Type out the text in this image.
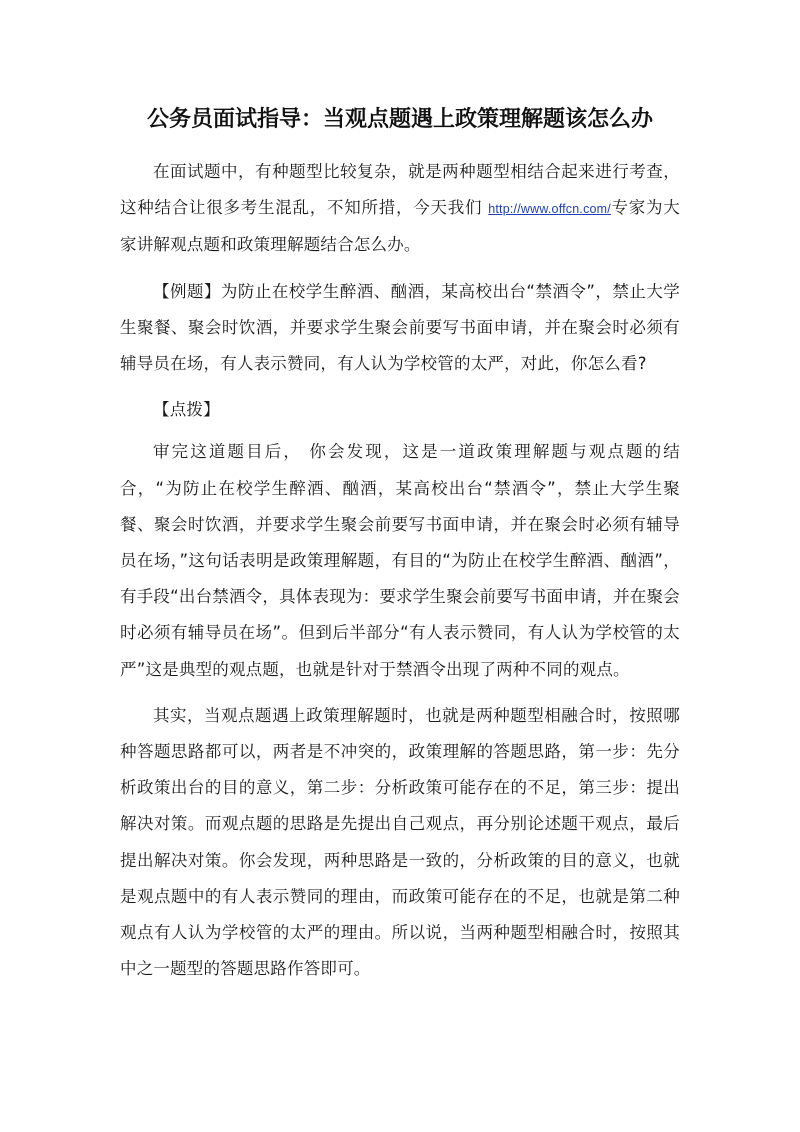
公务员面试指导：当观点题遇上政策理解题该怎么办

在面试题中，有种题型比较复杂，就是两种题型相结合起来进行考查，这种结合让很多考生混乱，不知所措，今天我们 http://www.offcn.com/专家为大家讲解观点题和政策理解题结合怎么办。

【例题】为防止在校学生醉酒、酗酒，某高校出台“禁酒令”，禁止大学生聚餐、聚会时饮酒，并要求学生聚会前要写书面申请，并在聚会时必须有辅导员在场，有人表示赞同，有人认为学校管的太严，对此，你怎么看?

【点拨】

审完这道题目后， 你会发现，这是一道政策理解题与观点题的结合，“为防止在校学生醉酒、酗酒，某高校出台“禁酒令”，禁止大学生聚餐、聚会时饮酒，并要求学生聚会前要写书面申请，并在聚会时必须有辅导员在场，”这句话表明是政策理解题，有目的“为防止在校学生醉酒、酗酒”，有手段“出台禁酒令，具体表现为：要求学生聚会前要写书面申请，并在聚会时必须有辅导员在场”。但到后半部分“有人表示赞同，有人认为学校管的太严”这是典型的观点题，也就是针对于禁酒令出现了两种不同的观点。

其实，当观点题遇上政策理解题时，也就是两种题型相融合时，按照哪种答题思路都可以，两者是不冲突的，政策理解的答题思路，第一步：先分析政策出台的目的意义，第二步：分析政策可能存在的不足，第三步：提出解决对策。而观点题的思路是先提出自己观点，再分别论述题干观点，最后提出解决对策。你会发现，两种思路是一致的，分析政策的目的意义，也就是观点题中的有人表示赞同的理由，而政策可能存在的不足，也就是第二种观点有人认为学校管的太严的理由。所以说，当两种题型相融合时，按照其中之一题型的答题思路作答即可。
